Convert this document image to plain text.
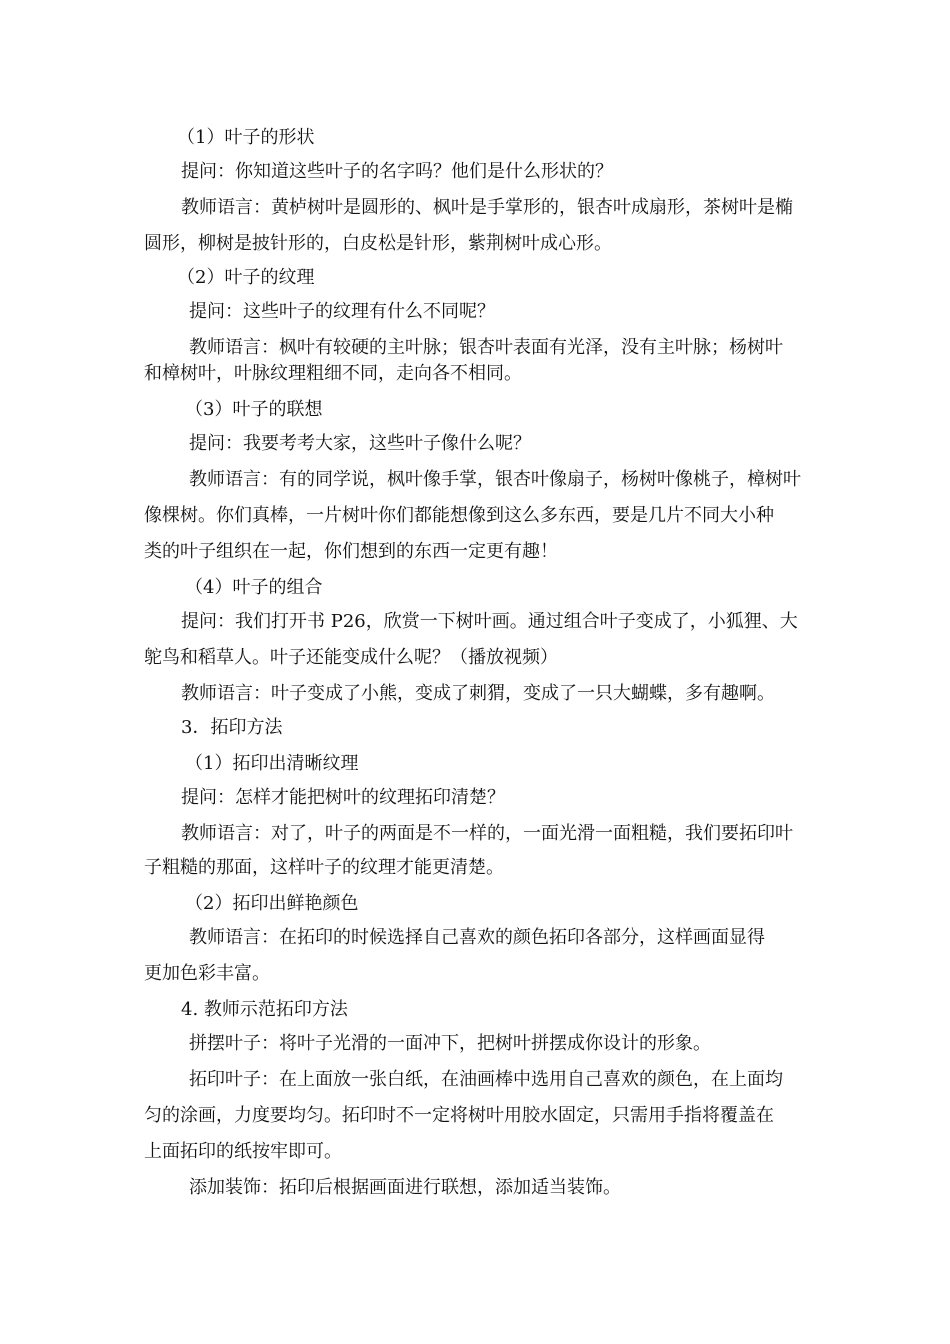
（1）叶子的形状
提问：你知道这些叶子的名字吗？他们是什么形状的？
教师语言：黄栌树叶是圆形的、枫叶是手掌形的，银杏叶成扇形，茶树叶是椭
圆形，柳树是披针形的，白皮松是针形，紫荆树叶成心形。
（2）叶子的纹理
提问：这些叶子的纹理有什么不同呢？
教师语言：枫叶有较硬的主叶脉；银杏叶表面有光泽，没有主叶脉；杨树叶
和樟树叶，叶脉纹理粗细不同，走向各不相同。
（3）叶子的联想
提问：我要考考大家，这些叶子像什么呢？
教师语言：有的同学说，枫叶像手掌，银杏叶像扇子，杨树叶像桃子，樟树叶
像棵树。你们真棒，一片树叶你们都能想像到这么多东西，要是几片不同大小种
类的叶子组织在一起，你们想到的东西一定更有趣！
（4）叶子的组合
提问：我们打开书 P26，欣赏一下树叶画。通过组合叶子变成了，小狐狸、大
鸵鸟和稻草人。叶子还能变成什么呢？（播放视频）
教师语言：叶子变成了小熊，变成了刺猬，变成了一只大蝴蝶，多有趣啊。
3．拓印方法
（1）拓印出清晰纹理
提问：怎样才能把树叶的纹理拓印清楚？
教师语言：对了，叶子的两面是不一样的，一面光滑一面粗糙，我们要拓印叶
子粗糙的那面，这样叶子的纹理才能更清楚。
（2）拓印出鲜艳颜色
教师语言：在拓印的时候选择自己喜欢的颜色拓印各部分，这样画面显得
更加色彩丰富。
4. 教师示范拓印方法
拼摆叶子：将叶子光滑的一面冲下，把树叶拼摆成你设计的形象。
拓印叶子：在上面放一张白纸，在油画棒中选用自己喜欢的颜色，在上面均
匀的涂画，力度要均匀。拓印时不一定将树叶用胶水固定，只需用手指将覆盖在
上面拓印的纸按牢即可。
添加装饰：拓印后根据画面进行联想，添加适当装饰。
